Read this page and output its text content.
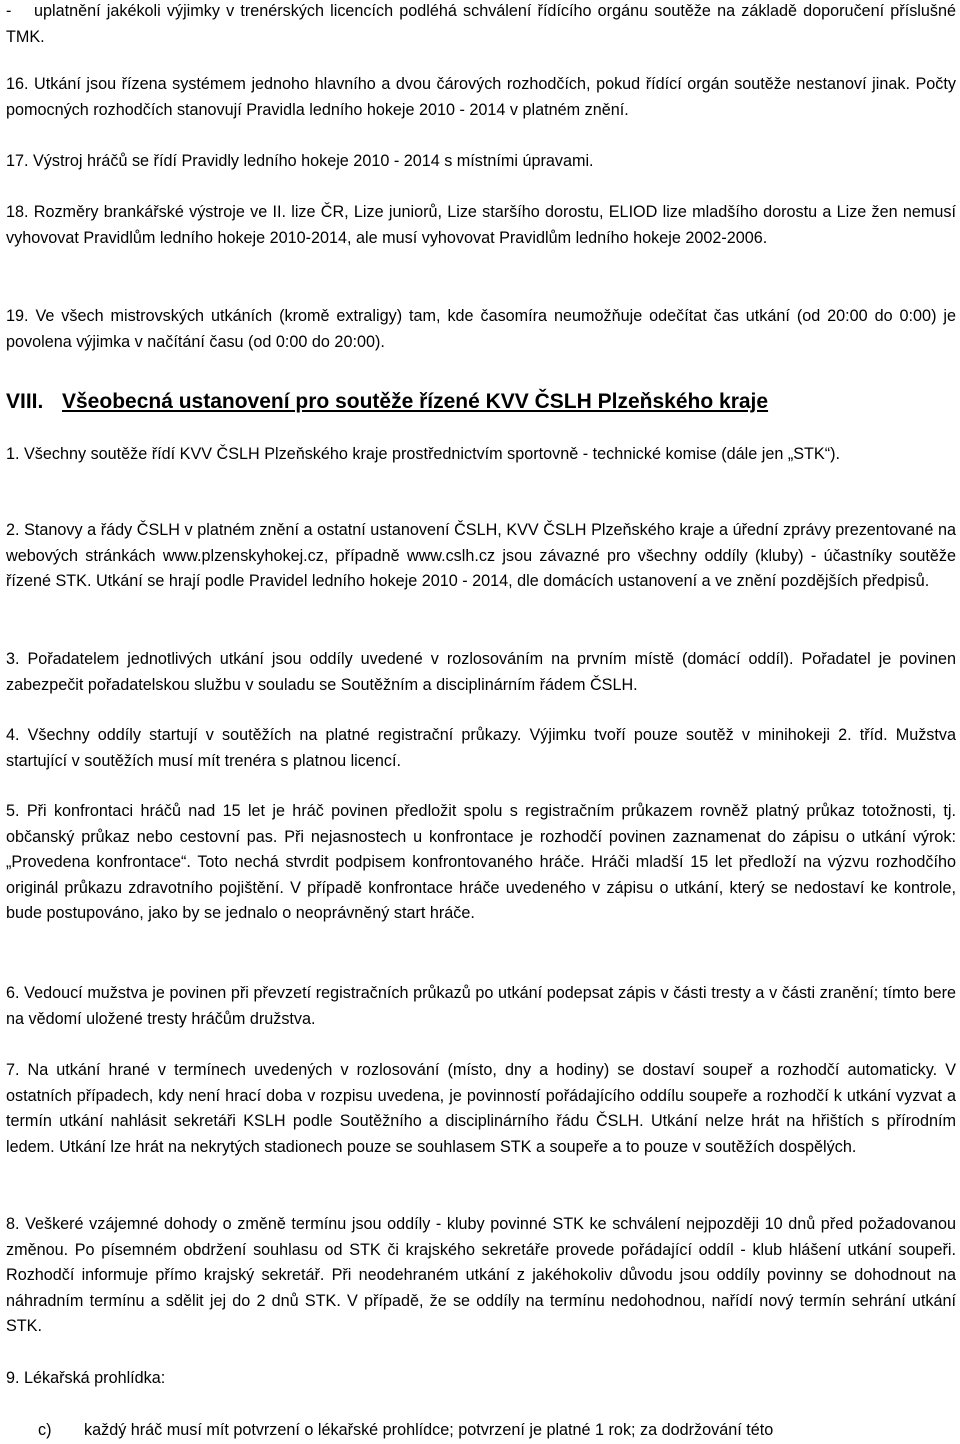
- uplatnění jakékoli výjimky v trenérských licencích podléhá schválení řídícího orgánu soutěže na základě doporučení příslušné TMK.
16. Utkání jsou řízena systémem jednoho hlavního a dvou čárových rozhodčích, pokud řídící orgán soutěže nestanoví jinak. Počty pomocných rozhodčích stanovují Pravidla ledního hokeje 2010 - 2014 v platném znění.
17. Výstroj hráčů se řídí Pravidly ledního hokeje 2010 - 2014 s místními úpravami.
18. Rozměry brankářské výstroje ve II. lize ČR, Lize juniorů, Lize staršího dorostu, ELIOD lize mladšího dorostu a Lize žen nemusí vyhovovat Pravidlům ledního hokeje 2010-2014, ale musí vyhovovat Pravidlům ledního hokeje 2002-2006.
19. Ve všech mistrovských utkáních (kromě extraligy) tam, kde časomíra neumožňuje odečítat čas utkání (od 20:00 do 0:00) je povolena výjimka v načítání času (od 0:00 do 20:00).
VIII. Všeobecná ustanovení pro soutěže řízené KVV ČSLH Plzeňského kraje
1. Všechny soutěže řídí KVV ČSLH Plzeňského kraje prostřednictvím sportovně - technické komise (dále jen „STK“).
2. Stanovy a řády ČSLH v platném znění a ostatní ustanovení ČSLH, KVV ČSLH Plzeňského kraje a úřední zprávy prezentované na webových stránkách www.plzenskyhokej.cz, případně www.cslh.cz jsou závazné pro všechny oddíly (kluby) - účastníky soutěže řízené STK. Utkání se hrají podle Pravidel ledního hokeje 2010 - 2014, dle domácích ustanovení a ve znění pozdějších předpisů.
3. Pořadatelem jednotlivých utkání jsou oddíly uvedené v rozlosováním na prvním místě (domácí oddíl). Pořadatel je povinen zabezpečit pořadatelskou službu v souladu se Soutěžním a disciplinárním řádem ČSLH.
4. Všechny oddíly startují v soutěžích na platné registrační průkazy. Výjimku tvoří pouze soutěž v minihokeji 2. tříd. Mužstva startující v soutěžích musí mít trenéra s platnou licencí.
5. Při konfrontaci hráčů nad 15 let je hráč povinen předložit spolu s registračním průkazem rovněž platný průkaz totožnosti, tj. občanský průkaz nebo cestovní pas. Při nejasnostech u konfrontace je rozhodčí povinen zaznamenat do zápisu o utkání výrok: „Provedena konfrontace“. Toto nechá stvrdit podpisem konfrontovaného hráče. Hráči mladší 15 let předloží na výzvu rozhodčího originál průkazu zdravotního pojištění. V případě konfrontace hráče uvedeného v zápisu o utkání, který se nedostaví ke kontrole, bude postupováno, jako by se jednalo o neoprávněný start hráče.
6. Vedoucí mužstva je povinen při převzetí registračních průkazů po utkání podepsat zápis v části tresty a v části zranění; tímto bere na vědomí uložené tresty hráčům družstva.
7. Na utkání hrané v termínech uvedených v rozlosování (místo, dny a hodiny) se dostaví soupeř a rozhodčí automaticky. V ostatních případech, kdy není hrací doba v rozpisu uvedena, je povinností pořádajícího oddílu soupeře a rozhodčí k utkání vyzvat a termín utkání nahlásit sekretáři KSLH podle Soutěžního a disciplinárního řádu ČSLH. Utkání nelze hrát na hřištích s přírodním ledem. Utkání lze hrát na nekrytých stadionech pouze se souhlasem STK a soupeře a to pouze v soutěžích dospělých.
8. Veškeré vzájemné dohody o změně termínu jsou oddíly - kluby povinné STK ke schválení nejpozději 10 dnů před požadovanou změnou. Po písemném obdržení souhlasu od STK či krajského sekretáře provede pořádající oddíl - klub hlášení utkání soupeři. Rozhodčí informuje přímo krajský sekretář. Při neodehraném utkání z jakéhokoliv důvodu jsou oddíly povinny se dohodnout na náhradním termínu a sdělit jej do 2 dnů STK. V případě, že se oddíly na termínu nedohodnou, nařídí nový termín sehrání utkání STK.
9. Lékařská prohlídka:
c) každý hráč musí mít potvrzení o lékařské prohlídce; potvrzení je platné 1 rok; za dodržování této
